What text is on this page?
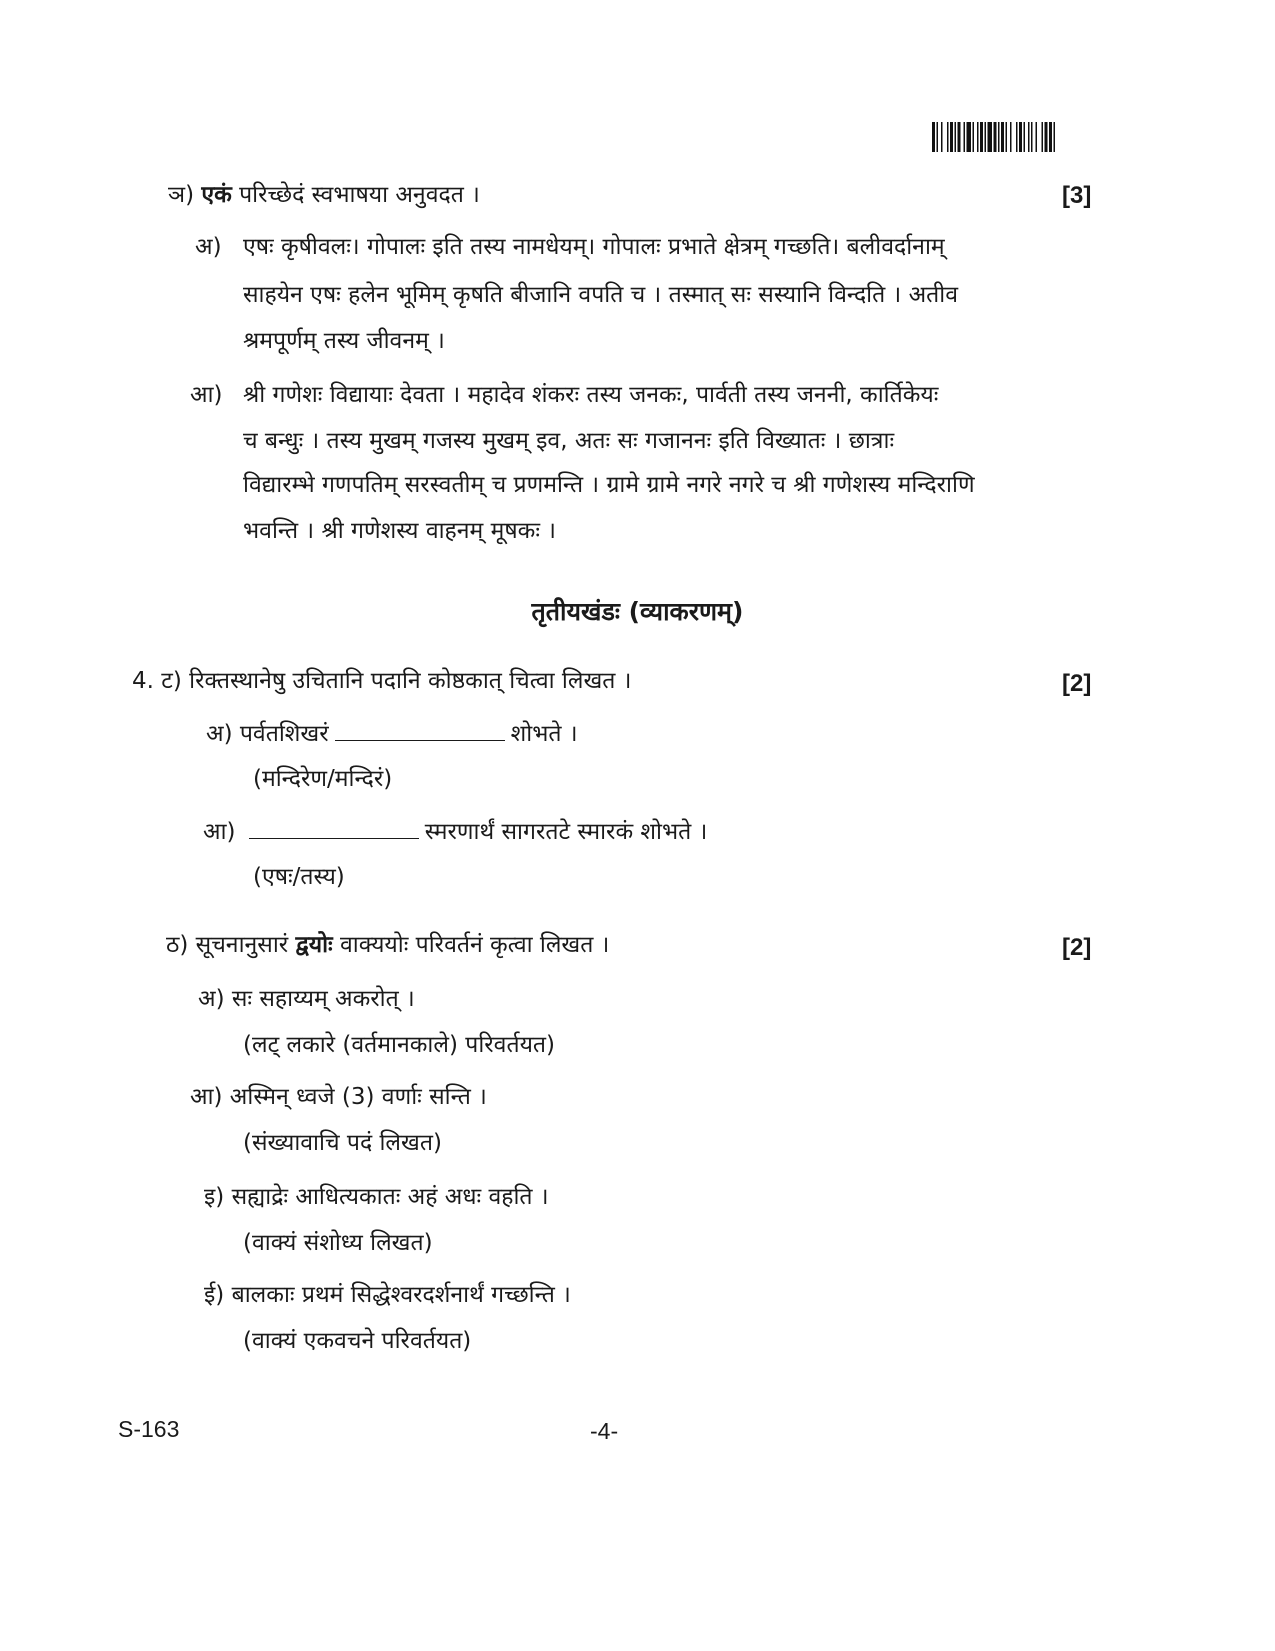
ञ) एकं परिच्छेदं स्वभाषया अनुवदत ।	[3]
अ) एषः कृषीवलः। गोपालः इति तस्य नामधेयम्। गोपालः प्रभाते क्षेत्रम् गच्छति। बलीवर्दानाम्
साहयेन एषः हलेन भूमिम् कृषति बीजानि वपति च । तस्मात् सः सस्यानि विन्दति । अतीव
श्रमपूर्णम् तस्य जीवनम् ।
आ) श्री गणेशः विद्यायाः देवता । महादेव शंकरः तस्य जनकः, पार्वती तस्य जननी, कार्तिकेयः
च बन्धुः । तस्य मुखम् गजस्य मुखम् इव, अतः सः गजाननः इति विख्यातः । छात्राः
विद्यारम्भे गणपतिम् सरस्वतीम् च प्रणमन्ति । ग्रामे ग्रामे नगरे नगरे च श्री गणेशस्य मन्दिराणि
भवन्ति । श्री गणेशस्य वाहनम् मूषकः ।
तृतीयखंडः (व्याकरणम्)
4. ट) रिक्तस्थानेषु उचितानि पदानि कोष्ठकात् चित्वा लिखत ।	[2]
अ) पर्वतशिखरं	शोभते ।
(मन्दिरेण/मन्दिरं)
आ)	स्मरणार्थं सागरतटे स्मारकं शोभते ।
(एषः/तस्य)
ठ) सूचनानुसारं द्वयोः वाक्ययोः परिवर्तनं कृत्वा लिखत ।	[2]
अ) सः सहाय्यम् अकरोत् ।
(लट् लकारे (वर्तमानकाले) परिवर्तयत)
आ) अस्मिन् ध्वजे (3) वर्णाः सन्ति ।
(संख्यावाचि पदं लिखत)
इ) सह्याद्रेः आधित्यकातः अहं अधः वहति ।
(वाक्यं संशोध्य लिखत)
ई) बालकाः प्रथमं सिद्धेश्वरदर्शनार्थं गच्छन्ति ।
(वाक्यं एकवचने परिवर्तयत)
S-163	-4-
